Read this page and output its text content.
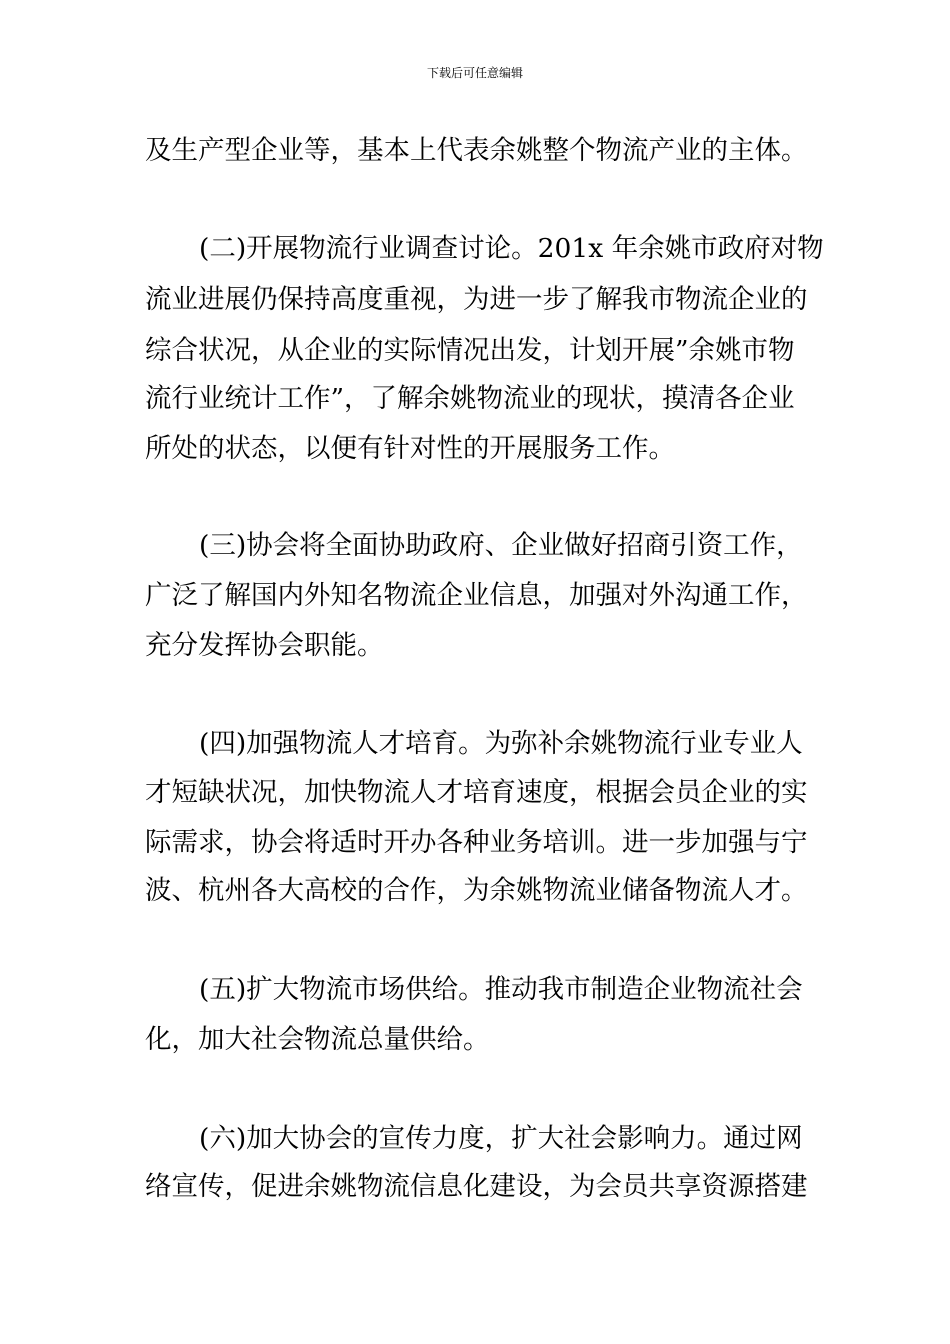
下载后可任意编辑
及生产型企业等，基本上代表余姚整个物流产业的主体。
(二)开展物流行业调查讨论。201x 年余姚市政府对物
流业进展仍保持高度重视，为进一步了解我市物流企业的
综合状况，从企业的实际情况出发，计划开展”余姚市物
流行业统计工作”，了解余姚物流业的现状，摸清各企业
所处的状态，以便有针对性的开展服务工作。
(三)协会将全面协助政府、企业做好招商引资工作，
广泛了解国内外知名物流企业信息，加强对外沟通工作，
充分发挥协会职能。
(四)加强物流人才培育。为弥补余姚物流行业专业人
才短缺状况，加快物流人才培育速度，根据会员企业的实
际需求，协会将适时开办各种业务培训。进一步加强与宁
波、杭州各大高校的合作，为余姚物流业储备物流人才。
(五)扩大物流市场供给。推动我市制造企业物流社会
化，加大社会物流总量供给。
(六)加大协会的宣传力度，扩大社会影响力。通过网
络宣传，促进余姚物流信息化建设，为会员共享资源搭建
